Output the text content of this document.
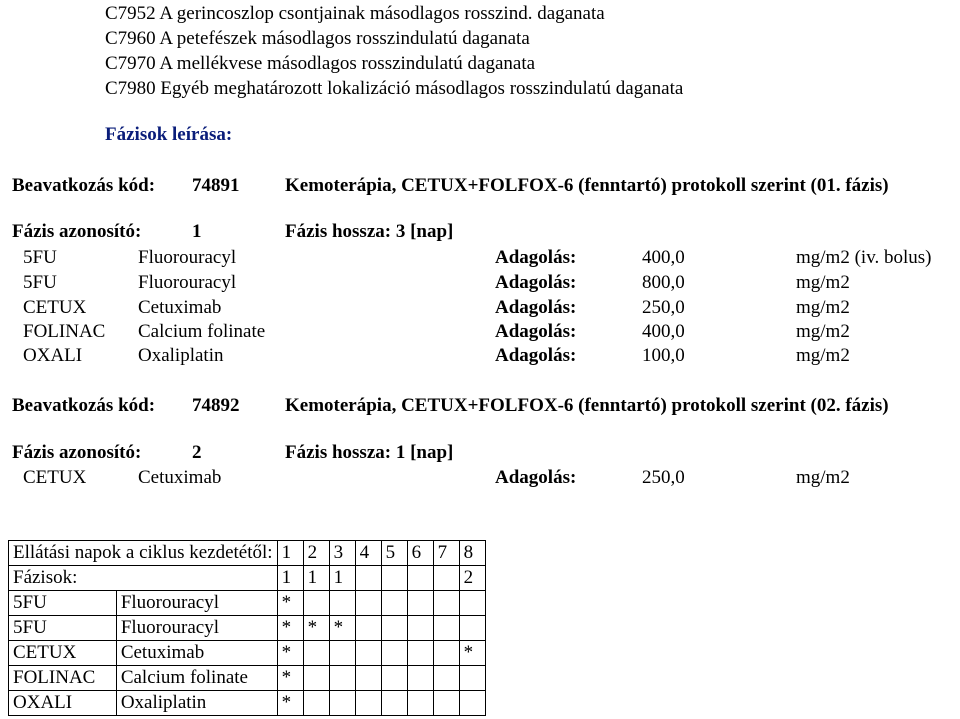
C7952 A gerincoszlop csontjainak másodlagos rosszind. daganata
C7960 A petefészek másodlagos rosszindulatú daganata
C7970 A mellékvese másodlagos rosszindulatú daganata
C7980 Egyéb meghatározott lokalizáció másodlagos rosszindulatú daganata
Fázisok leírása:
Beavatkozás kód: 74891 Kemoterápia, CETUX+FOLFOX-6 (fenntartó) protokoll szerint (01. fázis)
Fázis azonosító:	1	Fázis hossza: 3 [nap]
5FU	Fluorouracyl	Adagolás:	400,0	mg/m2 (iv. bolus)
5FU	Fluorouracyl	Adagolás:	800,0	mg/m2
CETUX	Cetuximab	Adagolás:	250,0	mg/m2
FOLINAC Calcium folinate	Adagolás:	400,0	mg/m2
OXALI	Oxaliplatin	Adagolás:	100,0	mg/m2
Beavatkozás kód: 74892 Kemoterápia, CETUX+FOLFOX-6 (fenntartó) protokoll szerint (02. fázis)
Fázis azonosító:	2	Fázis hossza: 1 [nap]
CETUX	Cetuximab	Adagolás:	250,0	mg/m2
Ellátási napok a ciklus kezdetétől:		1	2	3	4	5	6	7	8
Fázisok:		1	1	1					2
5FU	Fluorouracyl	*							
5FU	Fluorouracyl	*	*	*					
CETUX	Cetuximab	*							*
FOLINAC	Calcium folinate	*							
OXALI	Oxaliplatin	*							
